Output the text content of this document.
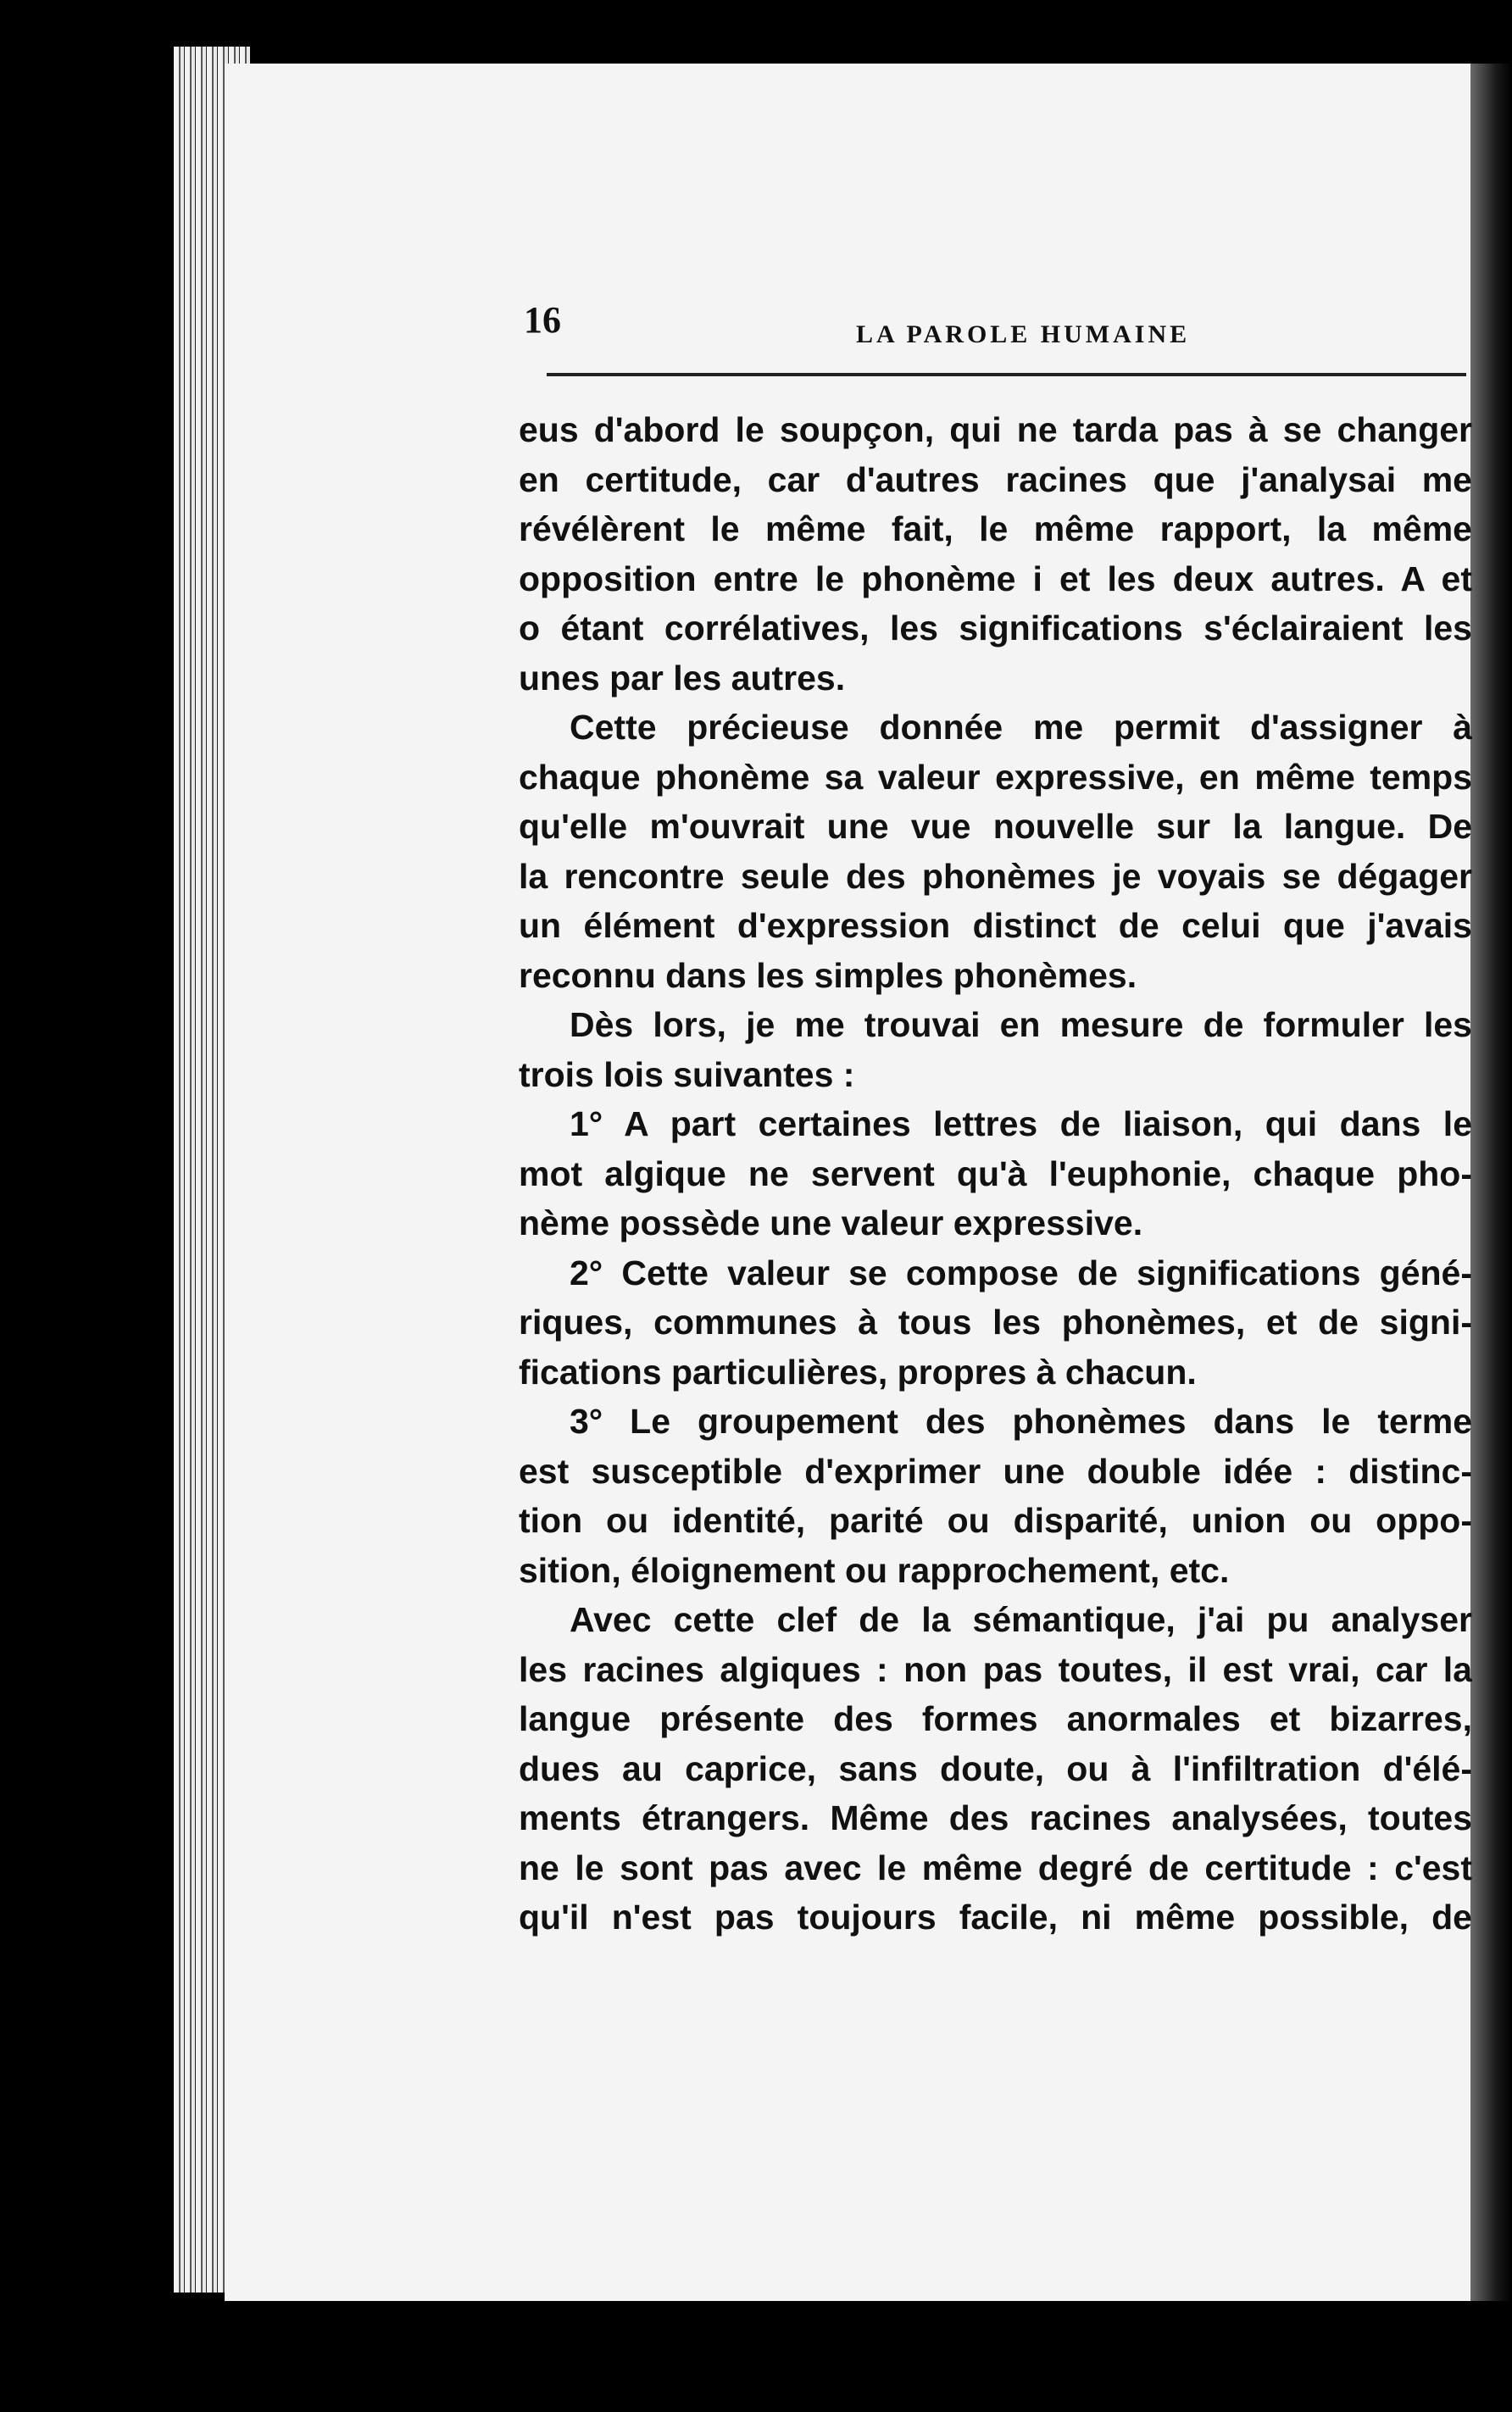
16	LA PAROLE HUMAINE
eus d'abord le soupçon, qui ne tarda pas à se changer
en certitude, car d'autres racines que j'analysai me
révélèrent le même fait, le même rapport, la même
opposition entre le phonème i et les deux autres. A et
o étant corrélatives, les significations s'éclairaient les
unes par les autres.
Cette précieuse donnée me permit d'assigner à
chaque phonème sa valeur expressive, en même temps
qu'elle m'ouvrait une vue nouvelle sur la langue. De
la rencontre seule des phonèmes je voyais se dégager
un élément d'expression distinct de celui que j'avais
reconnu dans les simples phonèmes.
Dès lors, je me trouvai en mesure de formuler les
trois lois suivantes :
1° A part certaines lettres de liaison, qui dans le
mot algique ne servent qu'à l'euphonie, chaque pho-
nème possède une valeur expressive.
2° Cette valeur se compose de significations géné-
riques, communes à tous les phonèmes, et de signi-
fications particulières, propres à chacun.
3° Le groupement des phonèmes dans le terme
est susceptible d'exprimer une double idée : distinc-
tion ou identité, parité ou disparité, union ou oppo-
sition, éloignement ou rapprochement, etc.
Avec cette clef de la sémantique, j'ai pu analyser
les racines algiques : non pas toutes, il est vrai, car la
langue présente des formes anormales et bizarres,
dues au caprice, sans doute, ou à l'infiltration d'élé-
ments étrangers. Même des racines analysées, toutes
ne le sont pas avec le même degré de certitude : c'est
qu'il n'est pas toujours facile, ni même possible, de
